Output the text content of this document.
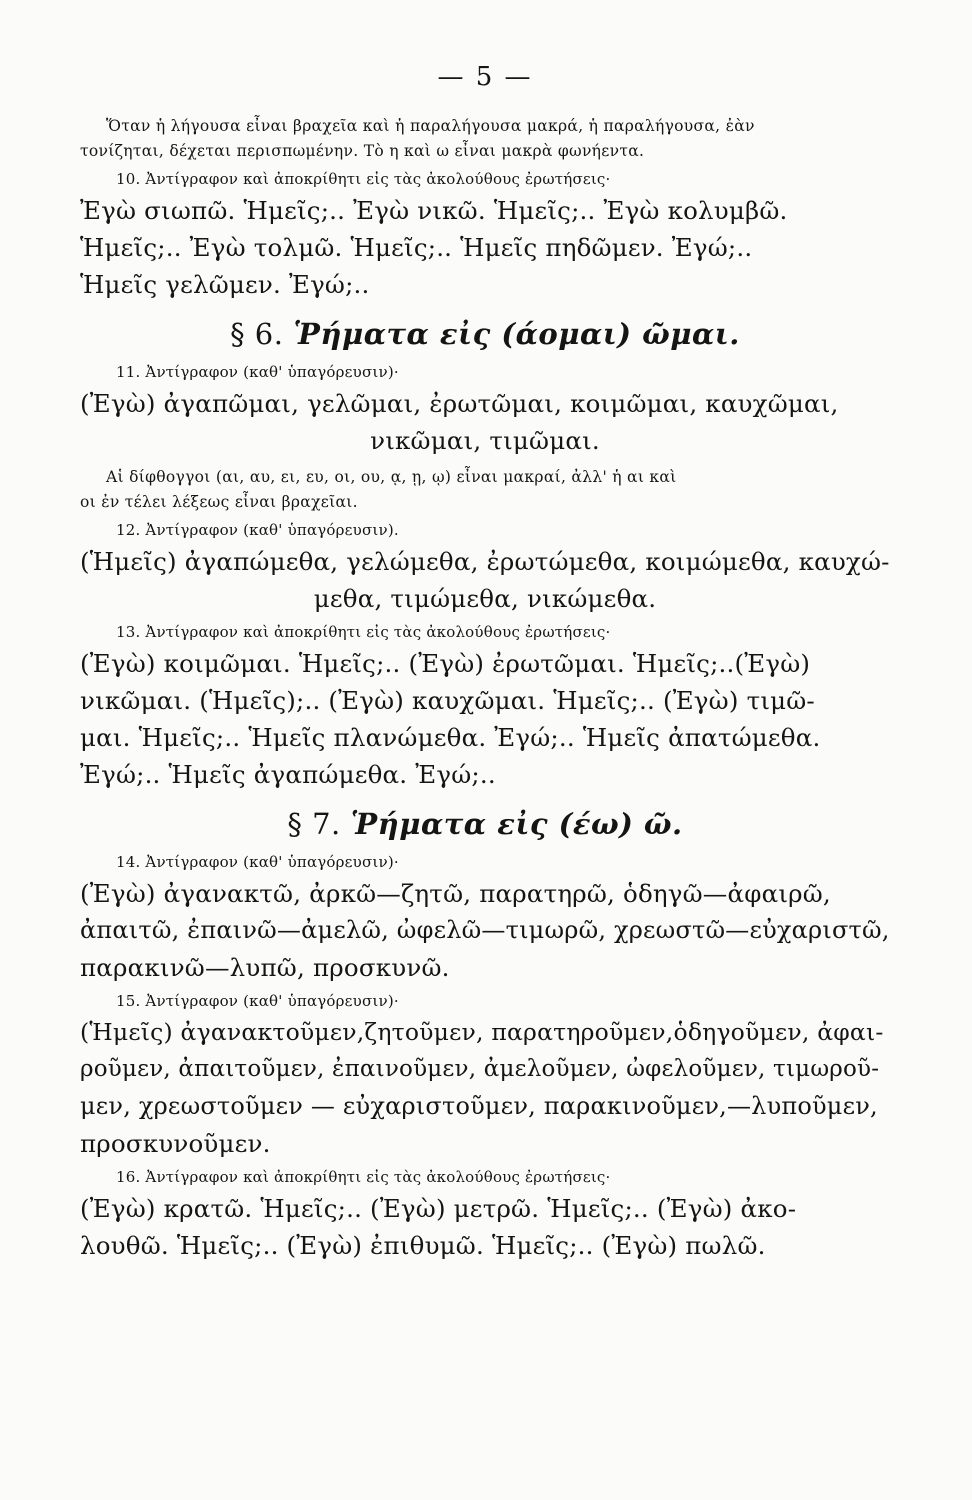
— 5 —

Ὅταν ἡ λήγουσα εἶναι βραχεῖα καὶ ἡ παραλήγουσα μακρά, ἡ παραλήγουσα, ἐὰν

τονίζηται, δέχεται περισπωμένην. Τὸ η καὶ ω εἶναι μακρὰ φωνήεντα.

10. Ἀντίγραφον καὶ ἀποκρίθητι εἰς τὰς ἀκολούθους ἐρωτήσεις·

Ἐγὼ σιωπῶ. Ἡμεῖς;.. Ἐγὼ νικῶ. Ἡμεῖς;.. Ἐγὼ κολυμβῶ.
Ἡμεῖς;.. Ἐγὼ τολμῶ. Ἡμεῖς;.. Ἡμεῖς πηδῶμεν. Ἐγώ;..
Ἡμεῖς γελῶμεν. Ἐγώ;..

§ 6. Ῥήματα εἰς (άομαι) ῶμαι.

11. Ἀντίγραφον (καθ' ὑπαγόρευσιν)·

(Ἐγὼ) ἀγαπῶμαι, γελῶμαι, ἐρωτῶμαι, κοιμῶμαι, καυχῶμαι,
νικῶμαι, τιμῶμαι.

Αἱ δίφθογγοι (αι, αυ, ει, ευ, οι, ου, ᾳ, ῃ, ῳ) εἶναι μακραί, ἀλλ' ἡ αι καὶ

οι ἐν τέλει λέξεως εἶναι βραχεῖαι.

12. Ἀντίγραφον (καθ' ὑπαγόρευσιν).

(Ἡμεῖς) ἀγαπώμεθα, γελώμεθα, ἐρωτώμεθα, κοιμώμεθα, καυχώ-
μεθα, τιμώμεθα, νικώμεθα.

13. Ἀντίγραφον καὶ ἀποκρίθητι εἰς τὰς ἀκολούθους ἐρωτήσεις·

(Ἐγὼ) κοιμῶμαι. Ἡμεῖς;.. (Ἐγὼ) ἐρωτῶμαι. Ἡμεῖς;..(Ἐγὼ)
νικῶμαι. (Ἡμεῖς);.. (Ἐγὼ) καυχῶμαι. Ἡμεῖς;.. (Ἐγὼ) τιμῶ-
μαι. Ἡμεῖς;.. Ἡμεῖς πλανώμεθα. Ἐγώ;.. Ἡμεῖς ἀπατώμεθα.
Ἐγώ;.. Ἡμεῖς ἀγαπώμεθα. Ἐγώ;..

§ 7. Ῥήματα εἰς (έω) ῶ.

14. Ἀντίγραφον (καθ' ὑπαγόρευσιν)·

(Ἐγὼ) ἀγανακτῶ, ἀρκῶ—ζητῶ, παρατηρῶ, ὁδηγῶ—ἀφαιρῶ,
ἀπαιτῶ, ἐπαινῶ—ἀμελῶ, ὠφελῶ—τιμωρῶ, χρεωστῶ—εὐχαριστῶ,
παρακινῶ—λυπῶ, προσκυνῶ.

15. Ἀντίγραφον (καθ' ὑπαγόρευσιν)·

(Ἡμεῖς) ἀγανακτοῦμεν,ζητοῦμεν, παρατηροῦμεν,ὁδηγοῦμεν, ἀφαι-
ροῦμεν, ἀπαιτοῦμεν, ἐπαινοῦμεν, ἀμελοῦμεν, ὠφελοῦμεν, τιμωροῦ-
μεν, χρεωστοῦμεν — εὐχαριστοῦμεν, παρακινοῦμεν,—λυποῦμεν,
προσκυνοῦμεν.

16. Ἀντίγραφον καὶ ἀποκρίθητι εἰς τὰς ἀκολούθους ἐρωτήσεις·

(Ἐγὼ) κρατῶ. Ἡμεῖς;.. (Ἐγὼ) μετρῶ. Ἡμεῖς;.. (Ἐγὼ) ἀκο-
λουθῶ. Ἡμεῖς;.. (Ἐγὼ) ἐπιθυμῶ. Ἡμεῖς;.. (Ἐγὼ) πωλῶ.
